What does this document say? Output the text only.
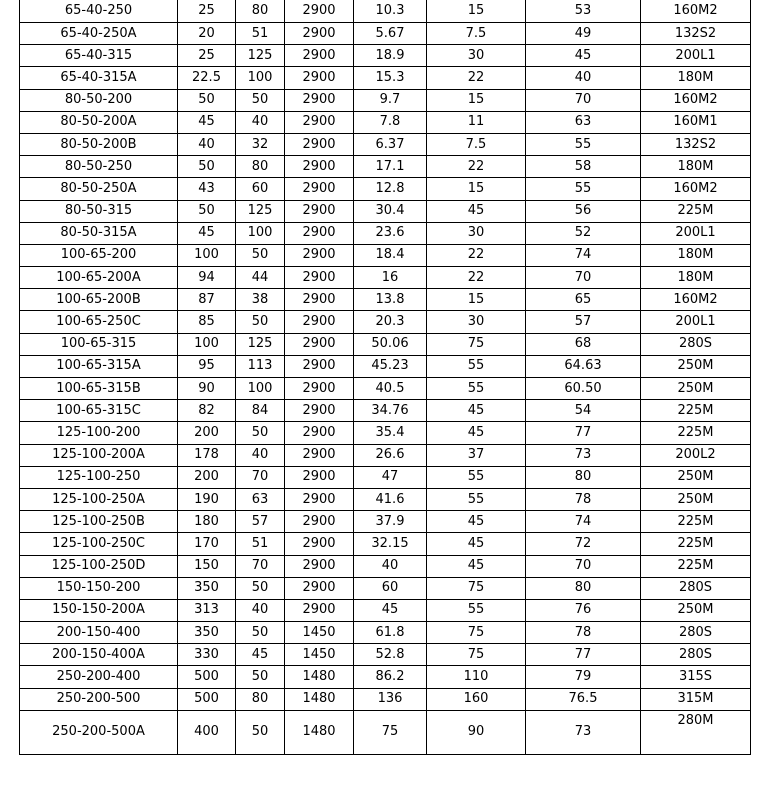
65-40-250	25	80	2900	10.3	15	53	160M2
65-40-250A	20	51	2900	5.67	7.5	49	132S2
65-40-315	25	125	2900	18.9	30	45	200L1
65-40-315A	22.5	100	2900	15.3	22	40	180M
80-50-200	50	50	2900	9.7	15	70	160M2
80-50-200A	45	40	2900	7.8	11	63	160M1
80-50-200B	40	32	2900	6.37	7.5	55	132S2
80-50-250	50	80	2900	17.1	22	58	180M
80-50-250A	43	60	2900	12.8	15	55	160M2
80-50-315	50	125	2900	30.4	45	56	225M
80-50-315A	45	100	2900	23.6	30	52	200L1
100-65-200	100	50	2900	18.4	22	74	180M
100-65-200A	94	44	2900	16	22	70	180M
100-65-200B	87	38	2900	13.8	15	65	160M2
100-65-250C	85	50	2900	20.3	30	57	200L1
100-65-315	100	125	2900	50.06	75	68	280S
100-65-315A	95	113	2900	45.23	55	64.63	250M
100-65-315B	90	100	2900	40.5	55	60.50	250M
100-65-315C	82	84	2900	34.76	45	54	225M
125-100-200	200	50	2900	35.4	45	77	225M
125-100-200A	178	40	2900	26.6	37	73	200L2
125-100-250	200	70	2900	47	55	80	250M
125-100-250A	190	63	2900	41.6	55	78	250M
125-100-250B	180	57	2900	37.9	45	74	225M
125-100-250C	170	51	2900	32.15	45	72	225M
125-100-250D	150	70	2900	40	45	70	225M
150-150-200	350	50	2900	60	75	80	280S
150-150-200A	313	40	2900	45	55	76	250M
200-150-400	350	50	1450	61.8	75	78	280S
200-150-400A	330	45	1450	52.8	75	77	280S
250-200-400	500	50	1480	86.2	110	79	315S
250-200-500	500	80	1480	136	160	76.5	315M
250-200-500A	400	50	1480	75	90	73	280M
